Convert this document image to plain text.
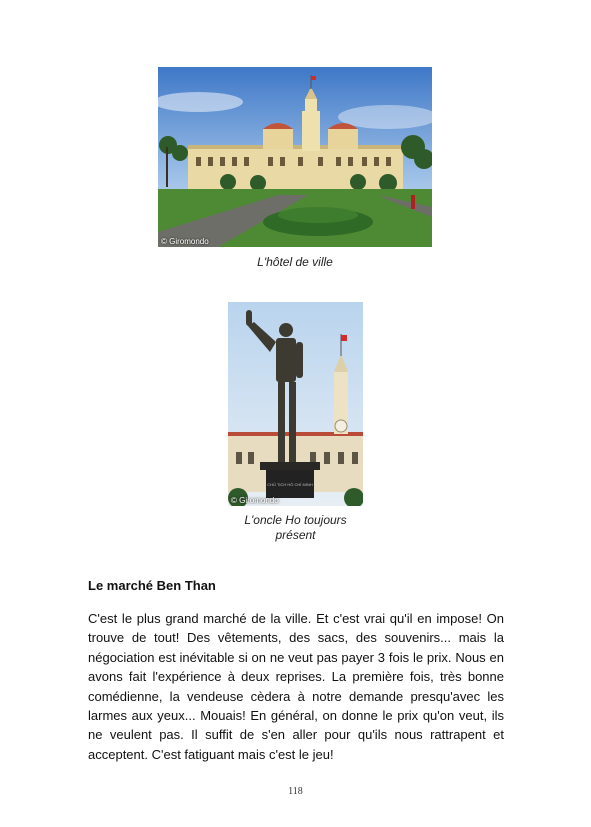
© Giromondo
L'hôtel de ville
CHỦ TỊCH HỒ CHÍ MINH
© Giromondo
L'oncle Ho toujours
présent
Le marché Ben Than
C'est le plus grand marché de la ville. Et c'est vrai qu'il en impose! On trouve de tout! Des vêtements, des sacs, des souvenirs... mais la négociation est inévitable si on ne veut pas payer 3 fois le prix. Nous en avons fait l'expérience à deux reprises. La première fois, très bonne comédienne, la vendeuse cèdera à notre demande presqu'avec les larmes aux yeux... Mouais! En général, on donne le prix qu'on veut, ils ne veulent pas. Il suffit de s'en aller pour qu'ils nous rattrapent et acceptent. C'est fatiguant mais c'est le jeu!
118
